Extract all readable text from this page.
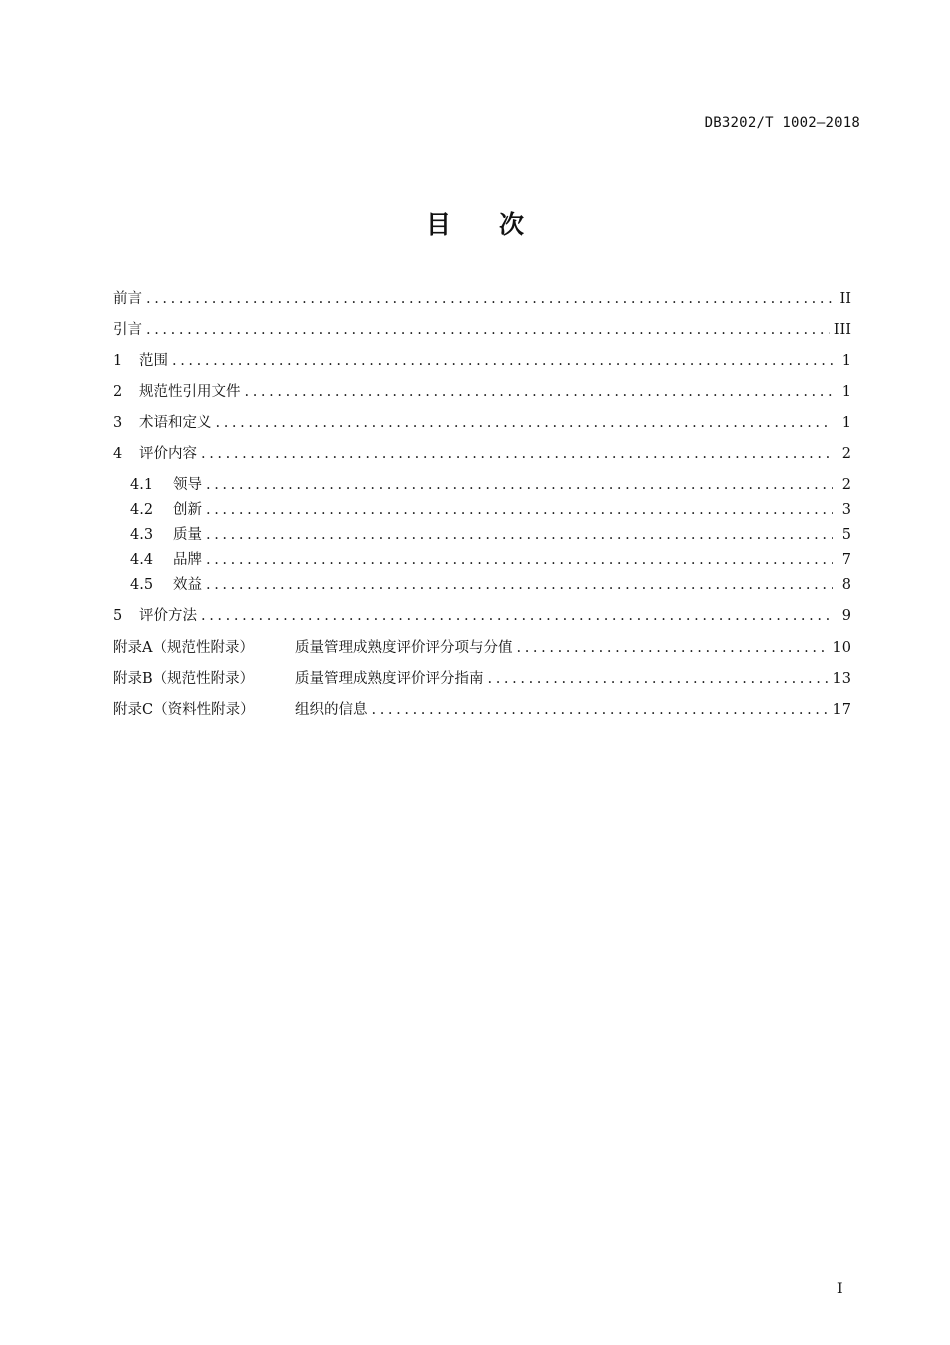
DB3202/T 1002—2018
目 次
前言 . . .	II
引言 . . .	III
1	范围 . . .	1
2	规范性引用文件 . . .	1
3	术语和定义 . . .	1
4	评价内容 . . .	2
4.1	领导 . . .	2
4.2	创新 . . .	3
4.3	质量 . . .	5
4.4	品牌 . . .	7
4.5	效益 . . .	8
5	评价方法 . . .	9
附录A（规范性附录）	质量管理成熟度评价评分项与分值 . . .	10
附录B（规范性附录）	质量管理成熟度评价评分指南 . . .	13
附录C（资料性附录）	组织的信息 . . .	17
I
